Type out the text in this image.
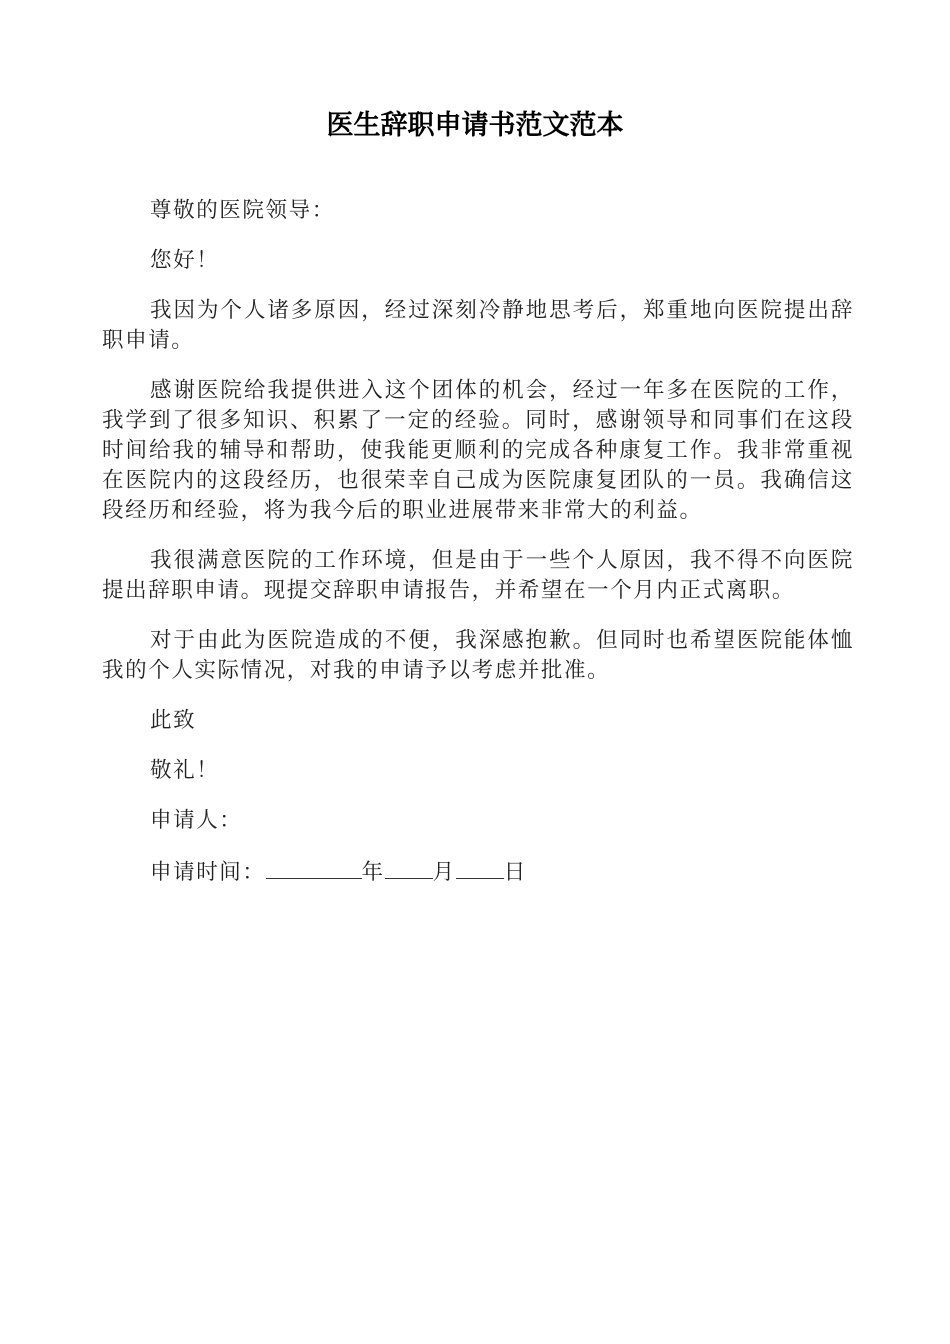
医生辞职申请书范文范本

尊敬的医院领导：

您好！

我因为个人诸多原因，经过深刻冷静地思考后，郑重地向医院提出辞职申请。

感谢医院给我提供进入这个团体的机会，经过一年多在医院的工作，我学到了很多知识、积累了一定的经验。同时，感谢领导和同事们在这段时间给我的辅导和帮助，使我能更顺利的完成各种康复工作。我非常重视在医院内的这段经历，也很荣幸自己成为医院康复团队的一员。我确信这段经历和经验，将为我今后的职业进展带来非常大的利益。

我很满意医院的工作环境，但是由于一些个人原因，我不得不向医院提出辞职申请。现提交辞职申请报告，并希望在一个月内正式离职。

对于由此为医院造成的不便，我深感抱歉。但同时也希望医院能体恤我的个人实际情况，对我的申请予以考虑并批准。

此致

敬礼！

申请人：

申请时间：	年 月 日
